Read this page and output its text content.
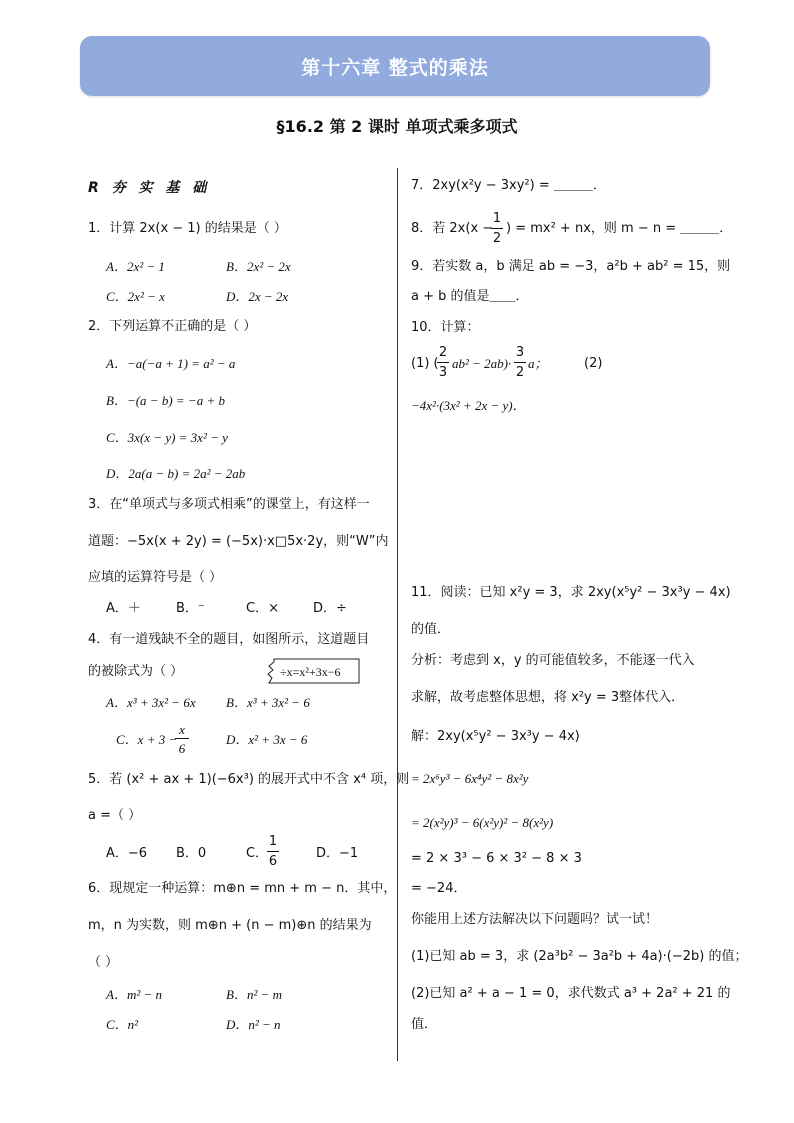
第十六章 整式的乘法
§16.2 第 2 课时 单项式乘多项式
R 夯 实 基 础
1．计算 2x(x − 1) 的结果是（ ）
A．2x² − 1	B．2x² − 2x
C．2x² − x	D．2x − 2x
2．下列运算不正确的是（ ）
A．−a(−a + 1) = a² − a
B．−(a − b) = −a + b
C．3x(x − y) = 3x² − y
D．2a(a − b) = 2a² − 2ab
3．在“单项式与多项式相乘”的课堂上，有这样一
道题：−5x(x + 2y) = (−5x)·x□5x·2y，则“W”内
应填的运算符号是（ ）
A．＋	B．⁻	C．×	D．÷
4．有一道残缺不全的题目，如图所示，这道题目
的被除式为（ ）	÷x=x²+3x−6
A．x³ + 3x² − 6x B．x³ + 3x² − 6
C．x + 3 −
x
6
D．x² + 3x − 6
5．若 (x² + ax + 1)(−6x³) 的展开式中不含 x⁴ 项，则
a =（ ）
A．−6 B．0	C．
1
6
D．−1
6．现规定一种运算：m⊕n = mn + m − n．其中，
m，n 为实数，则 m⊕n + (n − m)⊕n 的结果为
（ ）
A．m² − n	B．n² − m
C．n²	D．n² − n
7．2xy(x²y − 3xy²) = ＿＿＿．
8．若 2x(x −
1
2
) = mx² + nx，则 m − n = ＿＿＿．
9．若实数 a，b 满足 ab = −3，a²b + ab² = 15，则
a + b 的值是＿＿．
10．计算：
(1) (
2
3
ab² − 2ab)·
3
2
a；	(2)
−4x²·(3x² + 2x − y)．
11．阅读：已知 x²y = 3，求 2xy(x⁵y² − 3x³y − 4x)
的值．
分析：考虑到 x，y 的可能值较多，不能逐一代入
求解，故考虑整体思想，将 x²y = 3整体代入．
解：2xy(x⁵y² − 3x³y − 4x)
= 2x⁶y³ − 6x⁴y² − 8x²y
= 2(x²y)³ − 6(x²y)² − 8(x²y)
= 2 × 3³ − 6 × 3² − 8 × 3
= −24．
你能用上述方法解决以下问题吗？试一试！
(1)已知 ab = 3，求 (2a³b² − 3a²b + 4a)·(−2b) 的值；
(2)已知 a² + a − 1 = 0，求代数式 a³ + 2a² + 21 的
值．
